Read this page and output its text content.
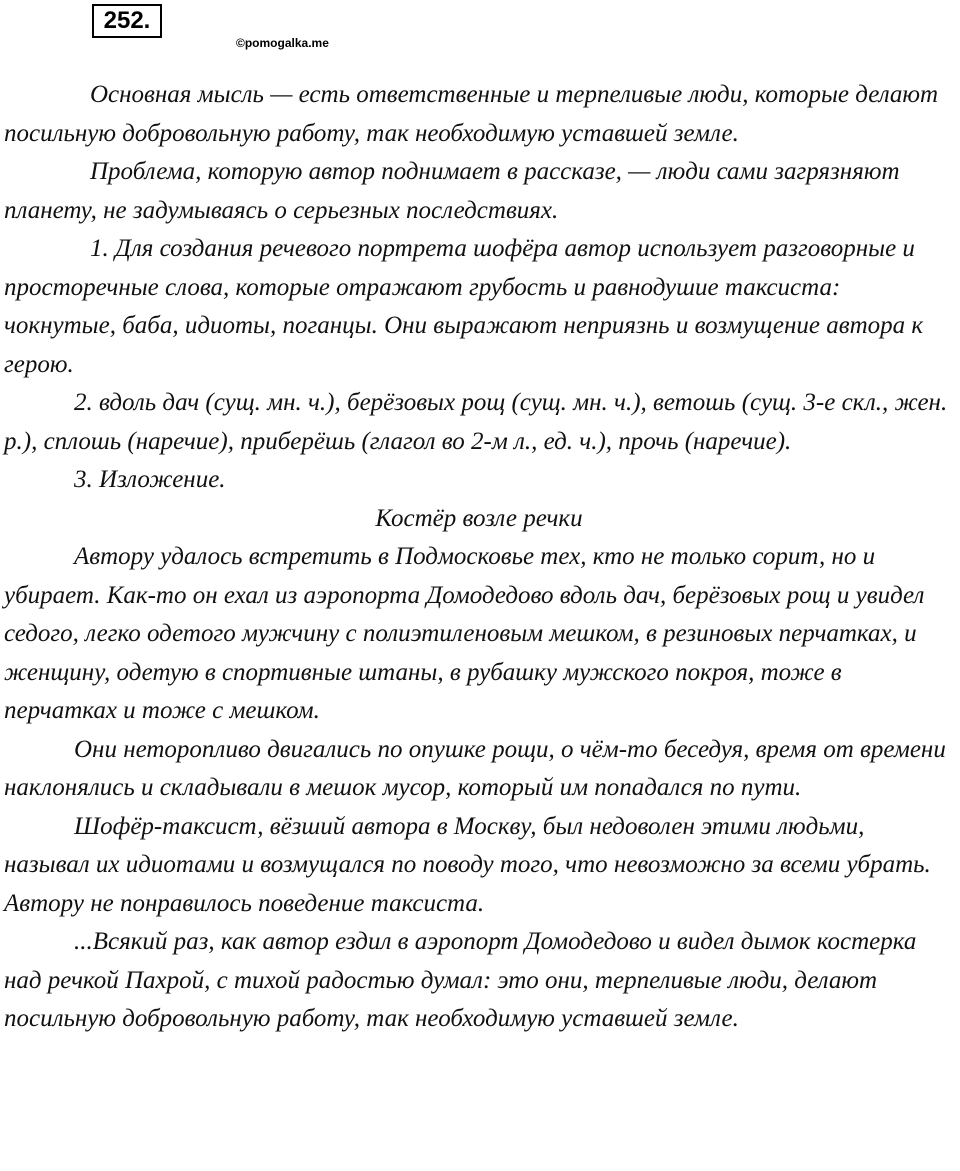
252.
©pomogalka.me

Основная мысль — есть ответственные и терпеливые люди, которые делают посильную добровольную работу, так необходимую уставшей земле.

Проблема, которую автор поднимает в рассказе, — люди сами загрязняют планету, не задумываясь о серьезных последствиях.

1. Для создания речевого портрета шофёра автор использует разговорные и просторечные слова, которые отражают грубость и равнодушие таксиста: чокнутые, баба, идиоты, поганцы. Они выражают неприязнь и возмущение автора к герою.

2. вдоль дач (сущ. мн. ч.), берёзовых рощ (сущ. мн. ч.), ветошь (сущ. 3-е скл., жен. р.), сплошь (наречие), приберёшь (глагол во 2-м л., ед. ч.), прочь (наречие).

3. Изложение.

Костёр возле речки

Автору удалось встретить в Подмосковье тех, кто не только сорит, но и убирает. Как-то он ехал из аэропорта Домодедово вдоль дач, берёзовых рощ и увидел седого, легко одетого мужчину с полиэтиленовым мешком, в резиновых перчатках, и женщину, одетую в спортивные штаны, в рубашку мужского покроя, тоже в перчатках и тоже с мешком.

Они неторопливо двигались по опушке рощи, о чём-то беседуя, время от времени наклонялись и складывали в мешок мусор, который им попадался по пути.

Шофёр-таксист, вёзший автора в Москву, был недоволен этими людьми, называл их идиотами и возмущался по поводу того, что невозможно за всеми убрать. Автору не понравилось поведение таксиста.

...Всякий раз, как автор ездил в аэропорт Домодедово и видел дымок костерка над речкой Пахрой, с тихой радостью думал: это они, терпеливые люди, делают посильную добровольную работу, так необходимую уставшей земле.
